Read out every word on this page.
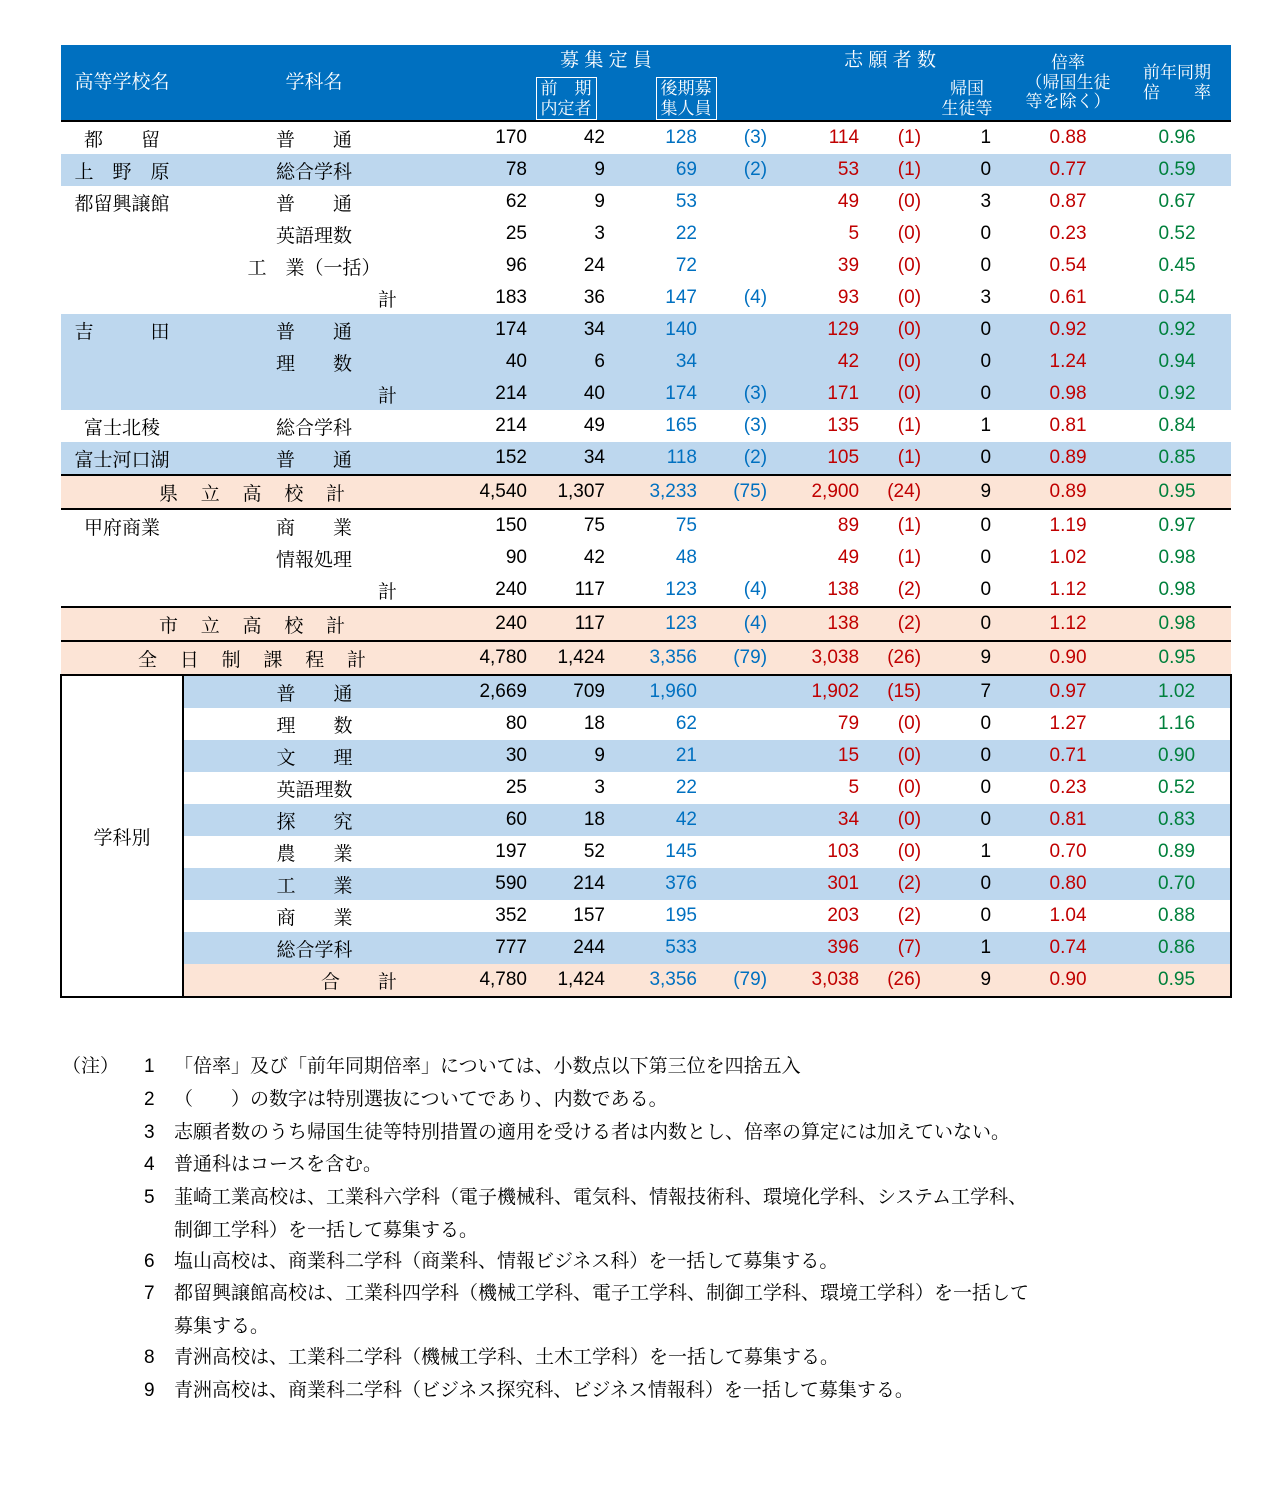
高等学校名	学科名	募 集 定 員	志 願 者 数	倍率
（帰国生徒
等を除く）

前年同期
倍　　率

	前　期
内定者	後期募
集人員		
帰国
生徒等

都　　留	普　　通	170	42	128	(3)	114	(1)	1	0.88	0.96
上　野　原	総合学科	78	9	69	(2)	53	(1)	0	0.77	0.59
都留興譲館	普　　通	62	9	53		49	(0)	3	0.87	0.67
	英語理数	25	3	22		5	(0)	0	0.23	0.52
	工　業（一括）	96	24	72		39	(0)	0	0.54	0.45
	計	183	36	147	(4)	93	(0)	3	0.61	0.54
吉　　　田	普　　通	174	34	140		129	(0)	0	0.92	0.92
	理　　数	40	6	34		42	(0)	0	1.24	0.94
	計	214	40	174	(3)	171	(0)	0	0.98	0.92
富士北稜	総合学科	214	49	165	(3)	135	(1)	1	0.81	0.84
富士河口湖	普　　通	152	34	118	(2)	105	(1)	0	0.89	0.85
県　立　高　校　計		4,540	1,307	3,233	(75)	2,900	(24)	9	0.89	0.95
甲府商業	商　　業	150	75	75		89	(1)	0	1.19	0.97
	情報処理	90	42	48		49	(1)	0	1.02	0.98
	計	240	117	123	(4)	138	(2)	0	1.12	0.98
市　立　高　校　計		240	117	123	(4)	138	(2)	0	1.12	0.98
全　日　制　課　程　計		4,780	1,424	3,356	(79)	3,038	(26)	9	0.90	0.95
学科別	普　　通	2,669	709	1,960		1,902	(15)	7	0.97	1.02
	理　　数	80	18	62		79	(0)	0	1.27	1.16
	文　　理	30	9	21		15	(0)	0	0.71	0.90
	英語理数	25	3	22		5	(0)	0	0.23	0.52
	探　　究	60	18	42		34	(0)	0	0.81	0.83
	農　　業	197	52	145		103	(0)	1	0.70	0.89
	工　　業	590	214	376		301	(2)	0	0.80	0.70
	商　　業	352	157	195		203	(2)	0	1.04	0.88
	総合学科	777	244	533		396	(7)	1	0.74	0.86
	合　　計	4,780	1,424	3,356	(79)	3,038	(26)	9	0.90	0.95
（注）	1	「倍率」及び「前年同期倍率」については、小数点以下第三位を四捨五入
2	（　　）の数字は特別選抜についてであり、内数である。
3	志願者数のうち帰国生徒等特別措置の適用を受ける者は内数とし、倍率の算定には加えていない。
4	普通科はコースを含む。
5	韮崎工業高校は、工業科六学科（電子機械科、電気科、情報技術科、環境化学科、システム工学科、
制御工学科）を一括して募集する。
6	塩山高校は、商業科二学科（商業科、情報ビジネス科）を一括して募集する。
7	都留興譲館高校は、工業科四学科（機械工学科、電子工学科、制御工学科、環境工学科）を一括して
募集する。
8	青洲高校は、工業科二学科（機械工学科、土木工学科）を一括して募集する。
9	青洲高校は、商業科二学科（ビジネス探究科、ビジネス情報科）を一括して募集する。
